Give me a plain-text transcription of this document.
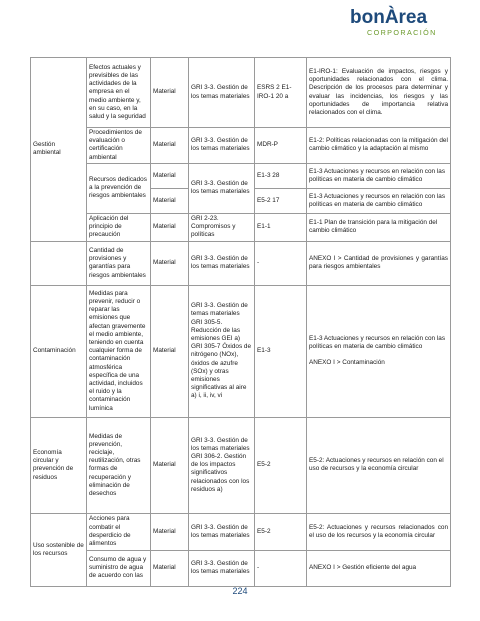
bonÀrea
CORPORACIÓN
Gestión ambiental	Efectos actuales y previsibles de las actividades de la empresa en el medio ambiente y, en su caso, en la salud y la seguridad	Material	GRI 3-3. Gestión de los temas materiales	ESRS 2 E1-IRO-1 20 a	E1-IRO-1: Evaluación de impactos, riesgos y oportunidades relacionados con el clima. Descripción de los procesos para determinar y evaluar las incidencias, los riesgos y las oportunidades de importancia relativa relacionados con el clima.
	Procedimientos de evaluación o certificación ambiental	Material	GRI 3-3. Gestión de los temas materiales	MDR-P	E1-2: Políticas relacionadas con la mitigación del cambio climático y la adaptación al mismo
	Recursos dedicados a la prevención de riesgos ambientales	Material	GRI 3-3. Gestión de los temas materiales	E1-3 28	E1-3 Actuaciones y recursos en relación con las políticas en materia de cambio climático
		Material		E5-2 17	E1-3 Actuaciones y recursos en relación con las políticas en materia de cambio climático
	Aplicación del principio de precaución	Material	GRI 2-23. Compromisos y políticas	E1-1	E1-1 Plan de transición para la mitigación del cambio climático
	Cantidad de provisiones y garantías para riesgos ambientales	Material	GRI 3-3. Gestión de los temas materiales	-	ANEXO I > Cantidad de provisiones y garantías para riesgos ambientales
Contaminación	Medidas para prevenir, reducir o reparar las emisiones que afectan gravemente el medio ambiente, teniendo en cuenta cualquier forma de contaminación atmosférica específica de una actividad, incluidos el ruido y la contaminación lumínica	Material	GRI 3-3. Gestión de temas materiales GRI 305-5. Reducción de las emisiones GEI a) GRI 305-7 Óxidos de nitrógeno (NOx), óxidos de azufre (SOx) y otras emisiones significativas al aire a) i, ii, iv, vi	E1-3	E1-3 Actuaciones y recursos en relación con las políticas en materia de cambio climático
ANEXO I > Contaminación

Economía circular y prevención de residuos	Medidas de prevención, reciclaje, reutilización, otras formas de recuperación y eliminación de desechos	Material	GRI 3-3. Gestión de los temas materiales GRI 306-2. Gestión de los impactos significativos relacionados con los residuos a)	E5-2	E5-2: Actuaciones y recursos en relación con el uso de recursos y la economía circular
Uso sostenible de los recursos	Acciones para combatir el desperdicio de alimentos	Material	GRI 3-3. Gestión de los temas materiales	E5-2	E5-2: Actuaciones y recursos relacionados con el uso de los recursos y la economía circular
	Consumo de agua y suministro de agua de acuerdo con las	Material	GRI 3-3. Gestión de los temas materiales	-	ANEXO I > Gestión eficiente del agua
224
